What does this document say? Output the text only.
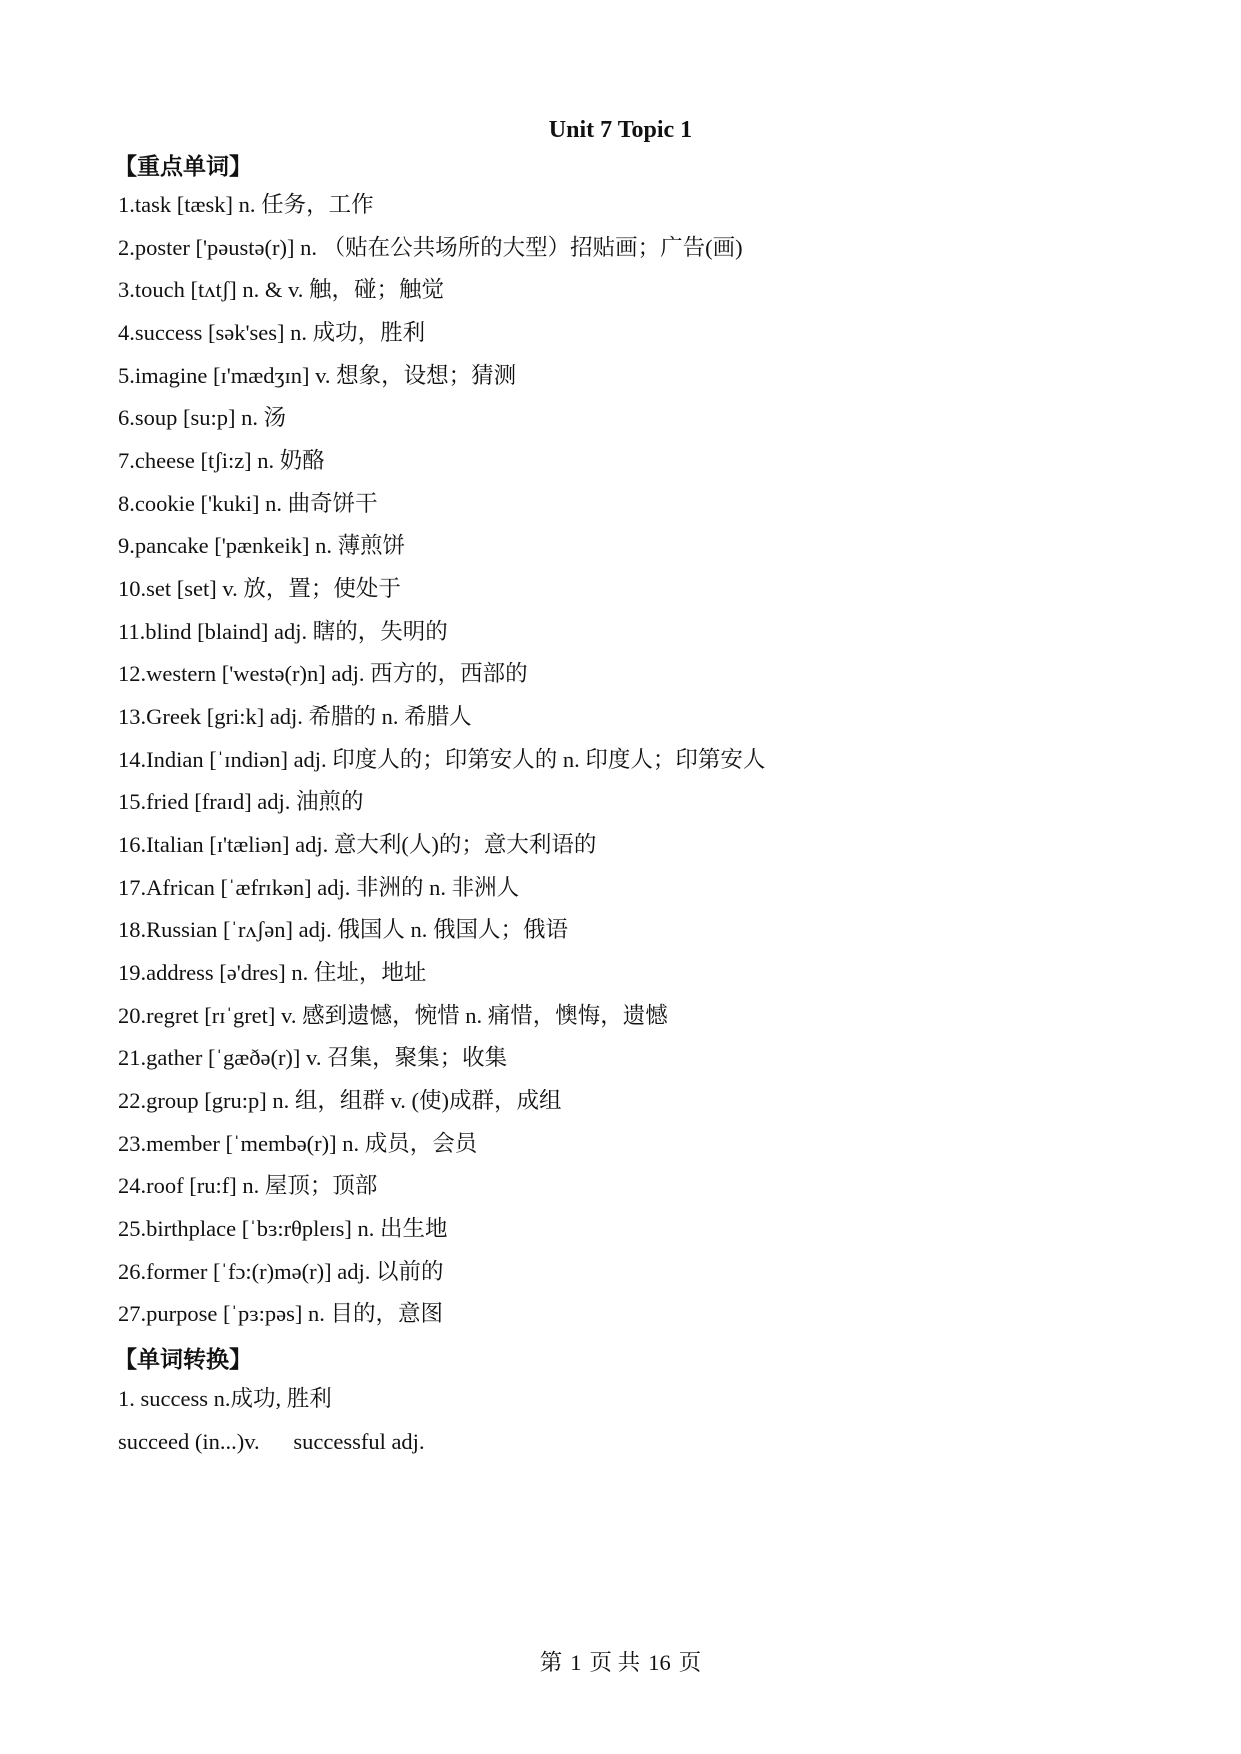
Unit 7 Topic 1
【重点单词】
1.task [tæsk] n. 任务，工作
2.poster ['pəustə(r)] n. （贴在公共场所的大型）招贴画；广告(画)
3.touch [tʌtʃ] n. & v. 触，碰；触觉
4.success [sək'ses] n. 成功，胜利
5.imagine [ɪ'mædʒɪn] v. 想象，设想；猜测
6.soup [su:p] n. 汤
7.cheese [tʃi:z] n. 奶酪
8.cookie ['kuki] n. 曲奇饼干
9.pancake ['pænkeik] n. 薄煎饼
10.set [set] v. 放，置；使处于
11.blind [blaind] adj. 瞎的，失明的
12.western ['westə(r)n] adj. 西方的，西部的
13.Greek [gri:k] adj. 希腊的 n. 希腊人
14.Indian [ˈɪndiən] adj. 印度人的；印第安人的 n. 印度人；印第安人
15.fried [fraɪd] adj. 油煎的
16.Italian [ɪ'tæliən] adj. 意大利(人)的；意大利语的
17.African [ˈæfrɪkən] adj. 非洲的 n. 非洲人
18.Russian [ˈrʌʃən] adj. 俄国人 n. 俄国人；俄语
19.address [ə'dres] n. 住址，地址
20.regret [rɪˈgret] v. 感到遗憾，惋惜 n. 痛惜，懊悔，遗憾
21.gather [ˈgæðə(r)] v. 召集，聚集；收集
22.group [gru:p] n. 组，组群 v. (使)成群，成组
23.member [ˈmembə(r)] n. 成员，会员
24.roof [ru:f] n. 屋顶；顶部
25.birthplace [ˈbɜ:rθpleɪs] n. 出生地
26.former [ˈfɔ:(r)mə(r)] adj. 以前的
27.purpose [ˈpɜ:pəs] n. 目的，意图
【单词转换】

1. success n.成功, 胜利

succeed (in...)v.      successful adj.

第 1 页 共 16 页
